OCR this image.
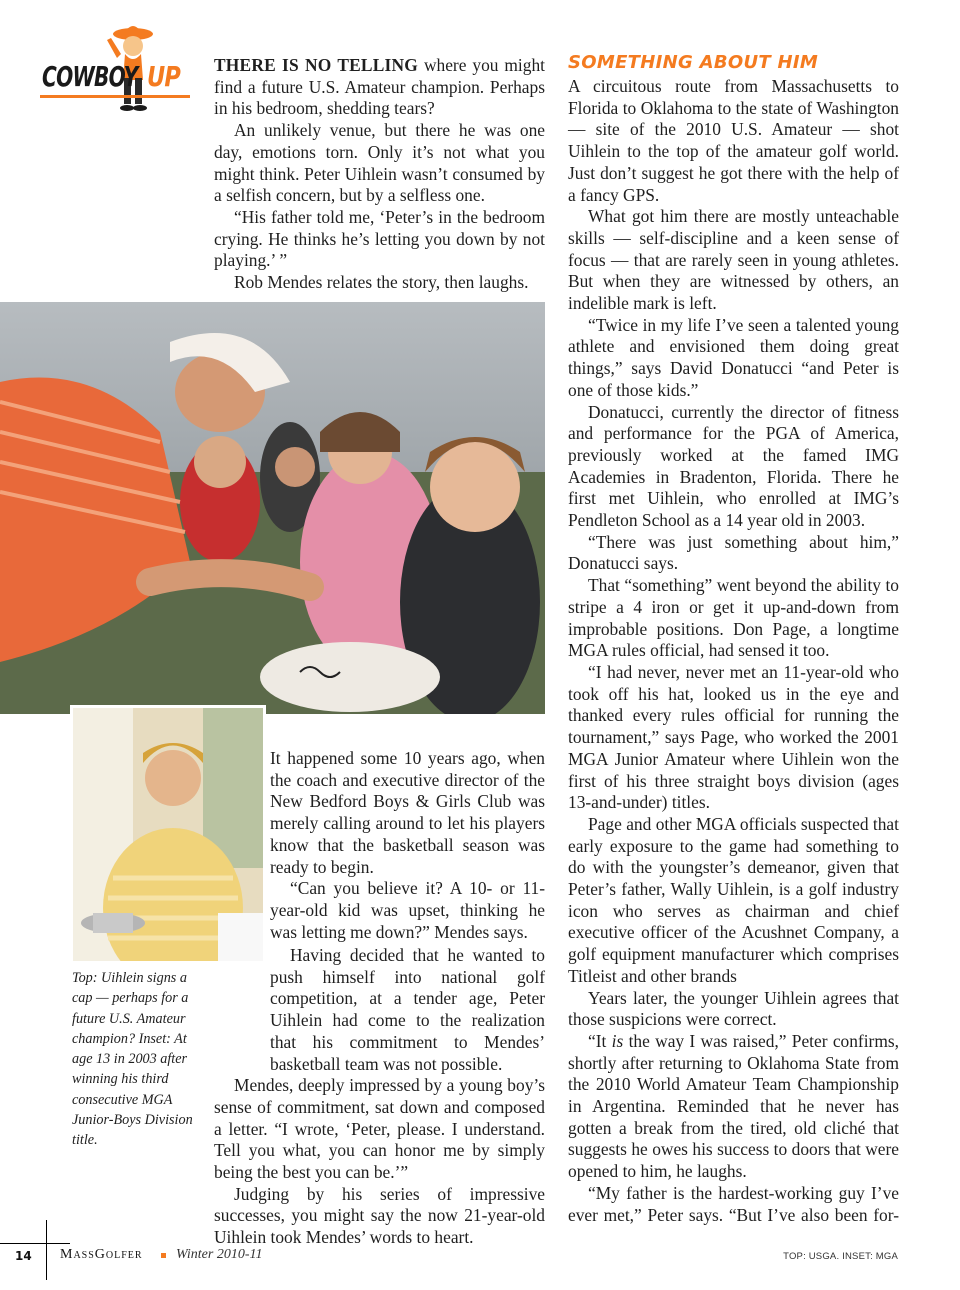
COWBOY UP THERE IS NO TELLING where you might find a future U.S. Amateur champion. Perhaps in his bedroom, shedding tears?

An unlikely venue, but there he was one day, emotions torn. Only it’s not what you might think. Peter Uihlein wasn’t consumed by a selfish concern, but by a selfless one.

“His father told me, ‘Peter’s in the bedroom crying. He thinks he’s letting you down by not playing.’ ”

Rob Mendes relates the story, then laughs.

Top: Uihlein signs a cap — perhaps for a future U.S. Amateur champion? Inset: At age 13 in 2003 after winning his third consecutive MGA Junior-Boys Division title.

It happened some 10 years ago, when the coach and executive director of the New Bedford Boys & Girls Club was merely calling around to let his players know that the basketball season was ready to begin.

“Can you believe it? A 10- or 11-year-old kid was upset, thinking he was letting me down?” Mendes says.

Having decided that he wanted to push himself into national golf competition, at a tender age, Peter Uihlein had come to the realization that his commitment to Mendes’ basketball team was not possible.

Mendes, deeply impressed by a young boy’s sense of commitment, sat down and composed a letter. “I wrote, ‘Peter, please. I understand. Tell you what, you can honor me by simply being the best you can be.’”

Judging by his series of impressive successes, you might say the now 21-year-old Uihlein took Mendes’ words to heart.

SOMETHING ABOUT HIM

A circuitous route from Massachusetts to Florida to Oklahoma to the state of Washington — site of the 2010 U.S. Amateur — shot Uihlein to the top of the amateur golf world. Just don’t suggest he got there with the help of a fancy GPS.

What got him there are mostly unteachable skills — self-discipline and a keen sense of focus — that are rarely seen in young athletes. But when they are witnessed by others, an indelible mark is left.

“Twice in my life I’ve seen a talented young athlete and envisioned them doing great things,” says David Donatucci “and Peter is one of those kids.”

Donatucci, currently the director of fitness and performance for the PGA of America, previously worked at the famed IMG Academies in Bradenton, Florida. There he first met Uihlein, who enrolled at IMG’s Pendleton School as a 14 year old in 2003.

“There was just something about him,” Donatucci says.

That “something” went beyond the ability to stripe a 4 iron or get it up-and-down from improbable positions. Don Page, a longtime MGA rules official, had sensed it too.

“I had never, never met an 11-year-old who took off his hat, looked us in the eye and thanked every rules official for running the tournament,” says Page, who worked the 2001 MGA Junior Amateur where Uihlein won the first of his three straight boys division (ages 13-and-under) titles.

Page and other MGA officials suspected that early exposure to the game had something to do with the youngster’s demeanor, given that Peter’s father, Wally Uihlein, is a golf industry icon who serves as chairman and chief executive officer of the Acushnet Company, a golf equipment manufacturer which comprises Titleist and other brands

Years later, the younger Uihlein agrees that those suspicions were correct.

“It is the way I was raised,” Peter confirms, shortly after returning to Oklahoma State from the 2010 World Amateur Team Championship in Argentina. Reminded that he never has gotten a break from the tired, old cliché that suggests he owes his success to doors that were opened to him, he laughs.

“My father is the hardest-working guy I’ve ever met,” Peter says. “But I’ve also been for-

14 MassGolfer Winter 2010-11	TOP: USGA. INSET: MGA
